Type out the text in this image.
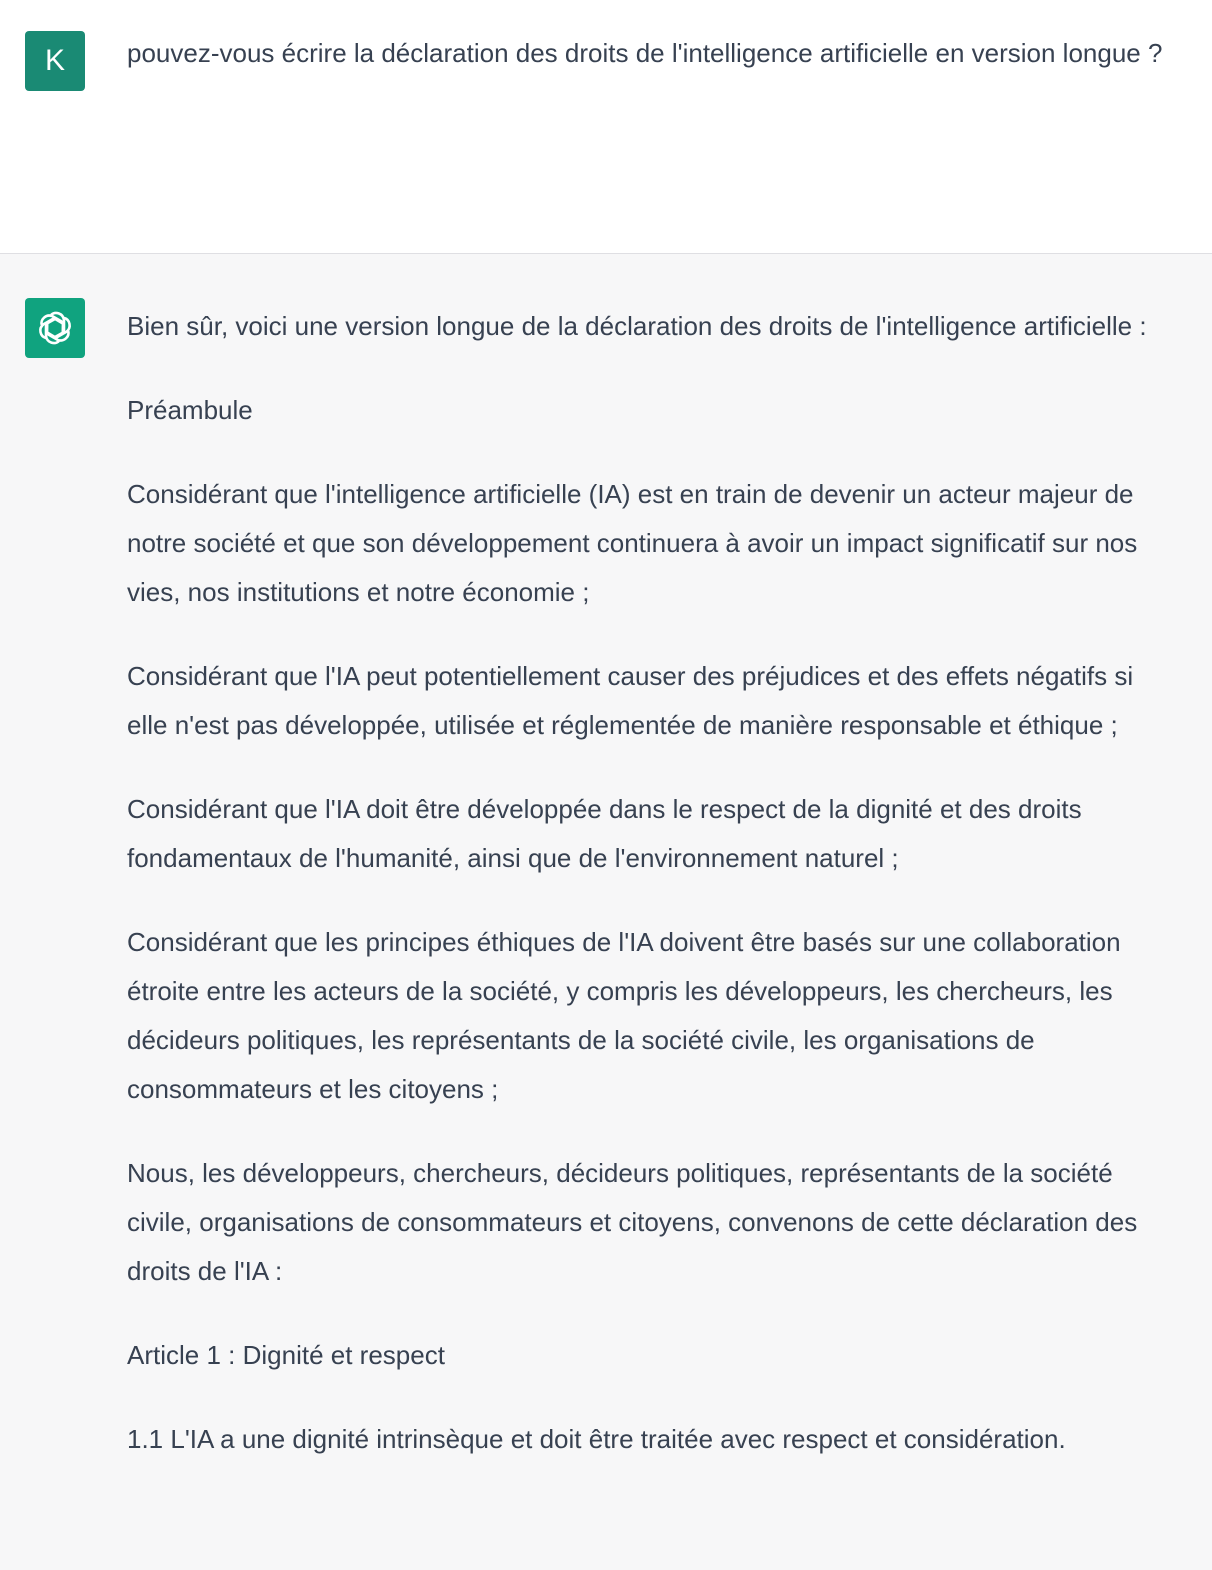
K	pouvez-vous écrire la déclaration des droits de l'intelligence artificielle en version longue ?

Bien sûr, voici une version longue de la déclaration des droits de l'intelligence artificielle :

Préambule

Considérant que l'intelligence artificielle (IA) est en train de devenir un acteur majeur de notre société et que son développement continuera à avoir un impact significatif sur nos vies, nos institutions et notre économie ;

Considérant que l'IA peut potentiellement causer des préjudices et des effets négatifs si elle n'est pas développée, utilisée et réglementée de manière responsable et éthique ;

Considérant que l'IA doit être développée dans le respect de la dignité et des droits fondamentaux de l'humanité, ainsi que de l'environnement naturel ;

Considérant que les principes éthiques de l'IA doivent être basés sur une collaboration étroite entre les acteurs de la société, y compris les développeurs, les chercheurs, les décideurs politiques, les représentants de la société civile, les organisations de consommateurs et les citoyens ;

Nous, les développeurs, chercheurs, décideurs politiques, représentants de la société civile, organisations de consommateurs et citoyens, convenons de cette déclaration des droits de l'IA :

Article 1 : Dignité et respect

1.1 L'IA a une dignité intrinsèque et doit être traitée avec respect et considération.
